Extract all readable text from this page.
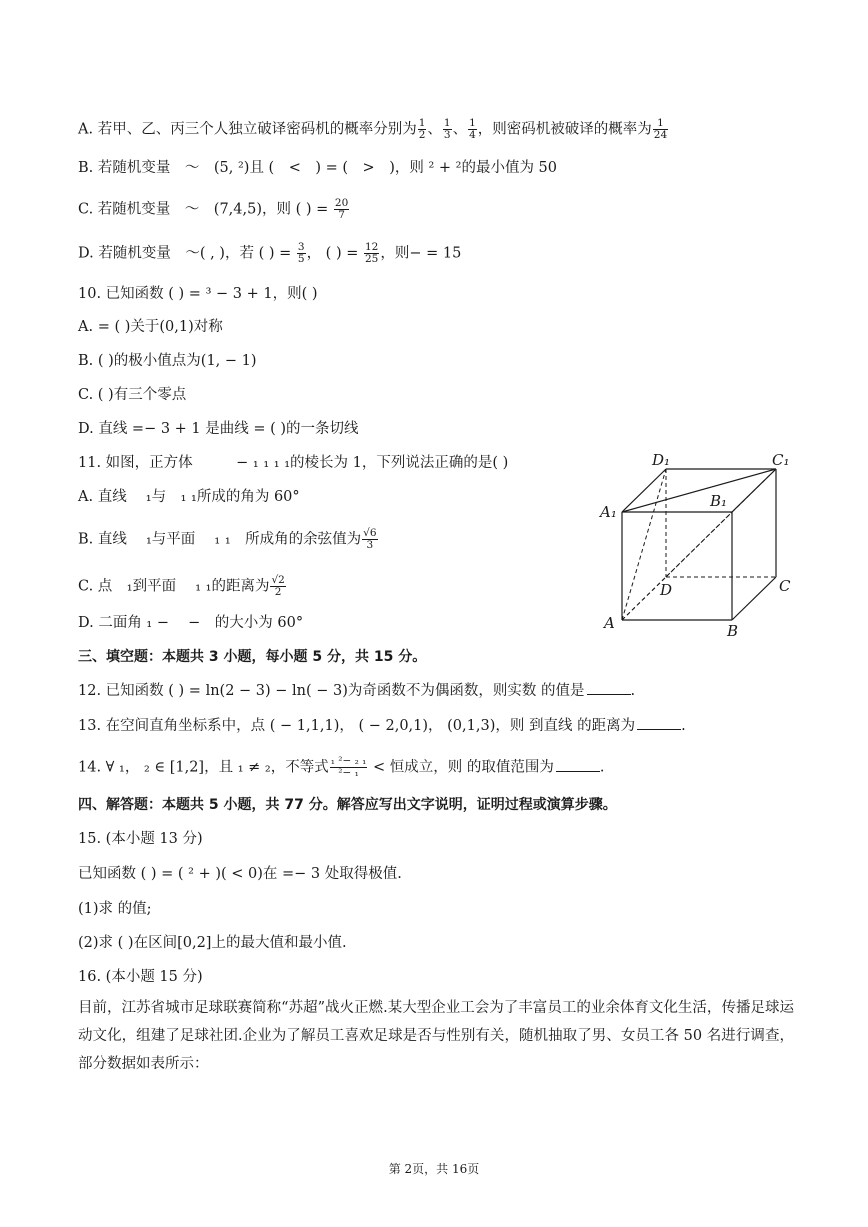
A. 若甲、乙、丙三个人独立破译密码机的概率分别为 $\frac{1}{2}$ 、 $\frac{1}{3}$ 、 $\frac{1}{4}$ ，则密码机被破译的概率为 $\frac{1}{24}$
B. 若随机变量　～　(5, ²)且 (　<　) = (　>　)，则 ² + ²的最小值为 50
C. 若随机变量　～　(7,4,5)，则 ( ) = $\frac{20}{7}$
D. 若随机变量　～( , )，若 ( ) = $\frac{3}{5}$ ， ( ) = $\frac{12}{25}$ ，则− = 15
10. 已知函数 ( ) = ³ − 3 + 1，则( )
A. = ( )关于(0,1)对称
B. ( )的极小值点为(1, − 1)
C. ( )有三个零点
D. 直线 =− 3 + 1 是曲线 = ( )的一条切线
11. 如图，正方体　　　− ₁ ₁ ₁ ₁的棱长为 1，下列说法正确的是( )
A. 直线　 ₁与　₁ ₁所成的角为 60°
B. 直线　 ₁与平面　 ₁ ₁　所成角的余弦值为 $\frac{√6}{3}$
C. 点　₁到平面　 ₁ ₁的距离为 $\frac{√2}{2}$
D. 二面角 ₁ −　 −　的大小为 60°
D₁	C₁
A₁
B₁
D	C
A	B
三、填空题：本题共 3 小题，每小题 5 分，共 15 分。
12. 已知函数 ( ) = ln(2 − 3) − ln( − 3)为奇函数不为偶函数，则实数 的值是	.
13. 在空间直角坐标系中，点 ( − 1,1,1)， ( − 2,0,1)， (0,1,3)，则 到直线 的距离为	.
14. ∀ ₁， ₂ ∈ [1,2]，且 ₁ ≠ ₂，不等式 $\frac{\text{₁ ²− ₂ ₁}}{\text{²− ₁}}$ < 恒成立，则 的取值范围为	.
四、解答题：本题共 5 小题，共 77 分。解答应写出文字说明，证明过程或演算步骤。
15. (本小题 13 分)
已知函数 ( ) = ( ² + )( < 0)在 =− 3 处取得极值.
(1)求 的值;
(2)求 ( )在区间[0,2]上的最大值和最小值.
16. (本小题 15 分)
目前，江苏省城市足球联赛简称“苏超”战火正燃.某大型企业工会为了丰富员工的业余体育文化生活，传播足球运动文化，组建了足球社团.企业为了解员工喜欢足球是否与性别有关，随机抽取了男、女员工各 50 名进行调查，部分数据如表所示：
第 2页，共 16页
